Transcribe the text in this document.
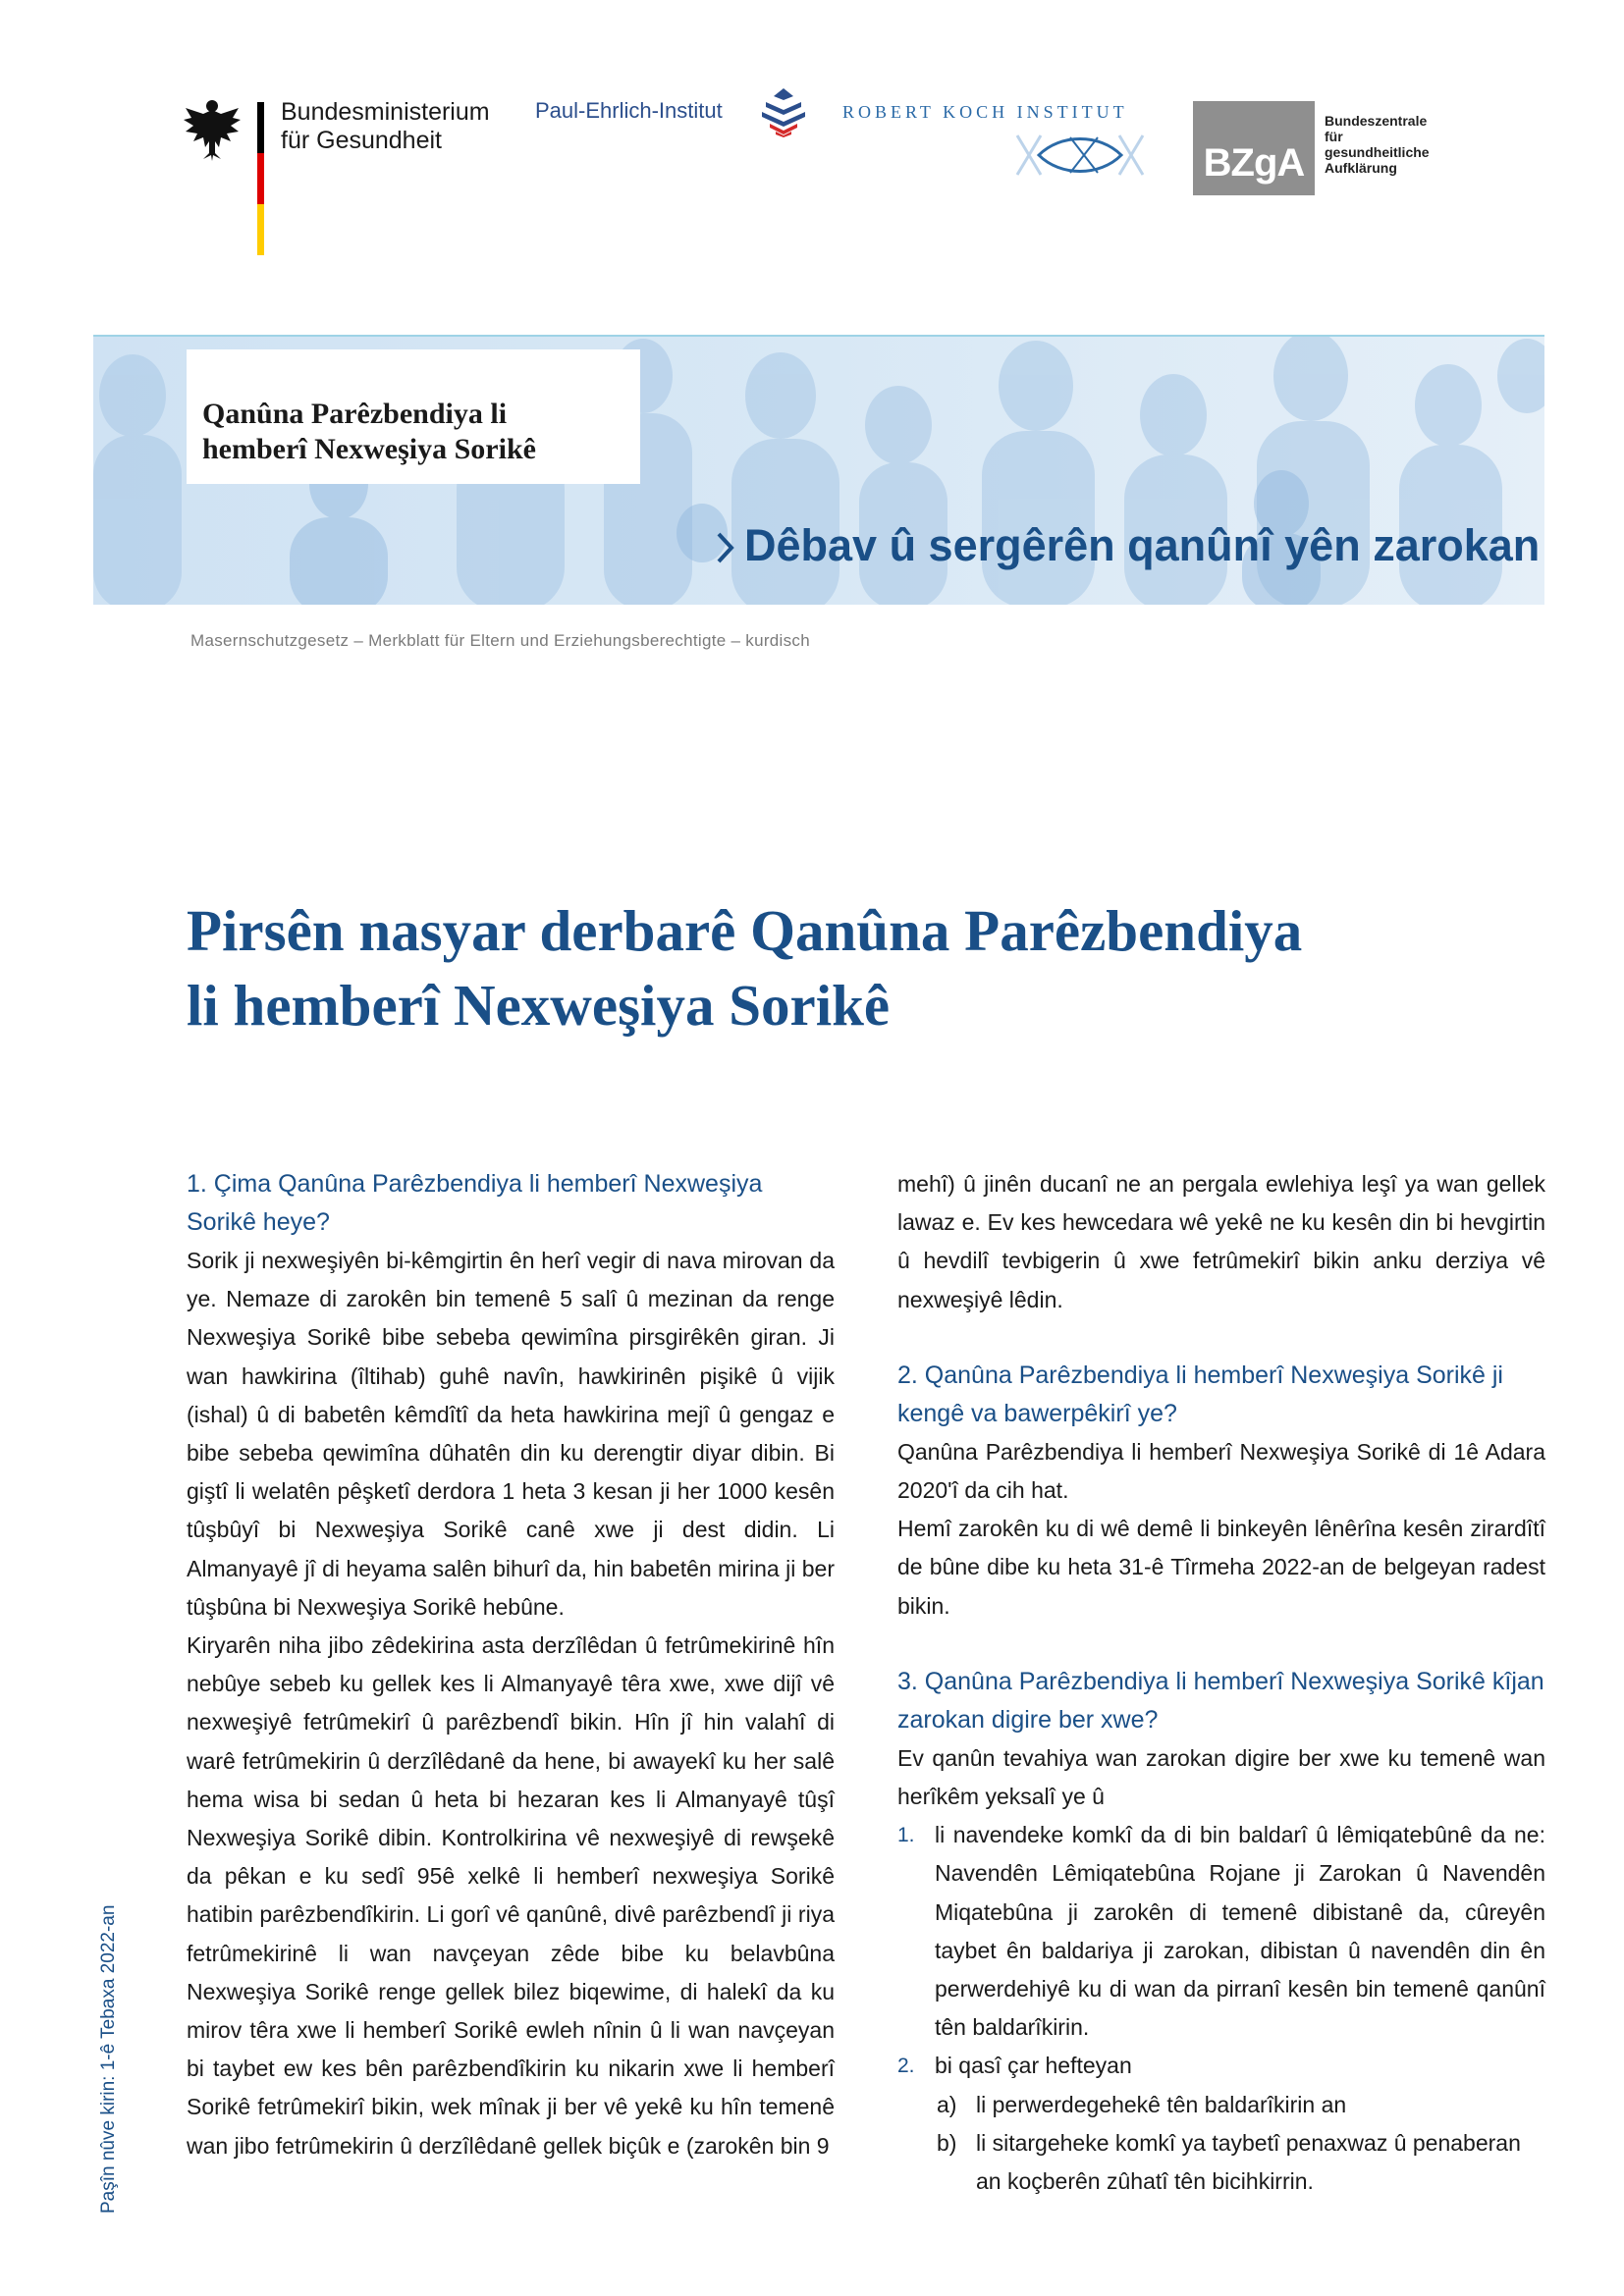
Bundesministerium
für Gesundheit
Paul-Ehrlich-Institut	ROBERT KOCH INSTITUT
BZgA
Bundeszentrale
für
gesundheitliche
Aufklärung
Qanûna Parêzbendiya li
hemberî Nexweşiya Sorikê
Dêbav û sergêrên qanûnî yên zarokan
Masernschutzgesetz – Merkblatt für Eltern und Erziehungsberechtigte – kurdisch
Pirsên nasyar derbarê Qanûna Parêzbendiya
li hemberî Nexweşiya Sorikê
1. Çima Qanûna Parêzbendiya li hemberî Nexweşiya Sorikê heye?

Sorik ji nexweşiyên bi-kêmgirtin ên herî vegir di nava mirovan da ye. Nemaze di zarokên bin temenê 5 salî û mezinan da renge Nexweşiya Sorikê bibe sebeba qewimîna pirsgirêkên giran. Ji wan hawkirina (îltihab) guhê navîn, hawkirinên pişikê û vijik (ishal) û di babetên kêmdîtî da heta hawkirina mejî û gengaz e bibe sebeba qewimîna dûhatên din ku derengtir diyar dibin. Bi giştî li welatên pêşketî derdora 1 heta 3 kesan ji her 1000 kesên tûşbûyî bi Nexweşiya Sorikê canê xwe ji dest didin. Li Almanyayê jî di heyama salên bihurî da, hin babetên mirina ji ber tûşbûna bi Nexweşiya Sorikê hebûne.

Kiryarên niha jibo zêdekirina asta derzîlêdan û fetrûmekirinê hîn nebûye sebeb ku gellek kes li Almanyayê têra xwe, xwe dijî vê nexweşiyê fetrûmekirî û parêzbendî bikin. Hîn jî hin valahî di warê fetrûmekirin û derzîlêdanê da hene, bi awayekî ku her salê hema wisa bi sedan û heta bi hezaran kes li Almanyayê tûşî Nexweşiya Sorikê dibin. Kontrolkirina vê nexweşiyê di rewşekê da pêkan e ku sedî 95ê xelkê li hemberî nexweşiya Sorikê hatibin parêzbendîkirin. Li gorî vê qanûnê, divê parêzbendî ji riya fetrûmekirinê li wan navçeyan zêde bibe ku belavbûna Nexweşiya Sorikê renge gellek bilez biqewime, di halekî da ku mirov têra xwe li hemberî Sorikê ewleh nînin û li wan navçeyan bi taybet ew kes bên parêzbendîkirin ku nikarin xwe li hemberî Sorikê fetrûmekirî bikin, wek mînak ji ber vê yekê ku hîn temenê wan jibo fetrûmekirin û derzîlêdanê gellek biçûk e (zarokên bin 9

mehî) û jinên ducanî ne an pergala ewlehiya leşî ya wan gellek lawaz e. Ev kes hewcedara wê yekê ne ku kesên din bi hevgirtin û hevdilî tevbigerin û xwe fetrûmekirî bikin anku derziya vê nexweşiyê lêdin.

2. Qanûna Parêzbendiya li hemberî Nexweşiya Sorikê ji kengê va bawerpêkirî ye?

Qanûna Parêzbendiya li hemberî Nexweşiya Sorikê di 1ê Adara 2020'î da cih hat.

Hemî zarokên ku di wê demê li binkeyên lênêrîna kesên zirardîtî de bûne dibe ku heta 31-ê Tîrmeha 2022-an de belgeyan radest bikin.

3. Qanûna Parêzbendiya li hemberî Nexweşiya Sorikê kîjan zarokan digire ber xwe?

Ev qanûn tevahiya wan zarokan digire ber xwe ku temenê wan herîkêm yeksalî ye û

1. li navendeke komkî da di bin baldarî û lêmiqatebûnê da ne: Navendên Lêmiqatebûna Rojane ji Zarokan û Navendên Miqatebûna ji zarokên di temenê dibistanê da, cûreyên taybet ên baldariya ji zarokan, dibistan û navendên din ên perwerdehiyê ku di wan da pirranî kesên bin temenê qanûnî tên baldarîkirin.
2. bi qasî çar hefteyan
a) li perwerdegehekê tên baldarîkirin an
b) li sitargeheke komkî ya taybetî penaxwaz û penaberan an koçberên zûhatî tên bicihkirrin.
Paşîn nûve kirin: 1-ê Tebaxa 2022-an
